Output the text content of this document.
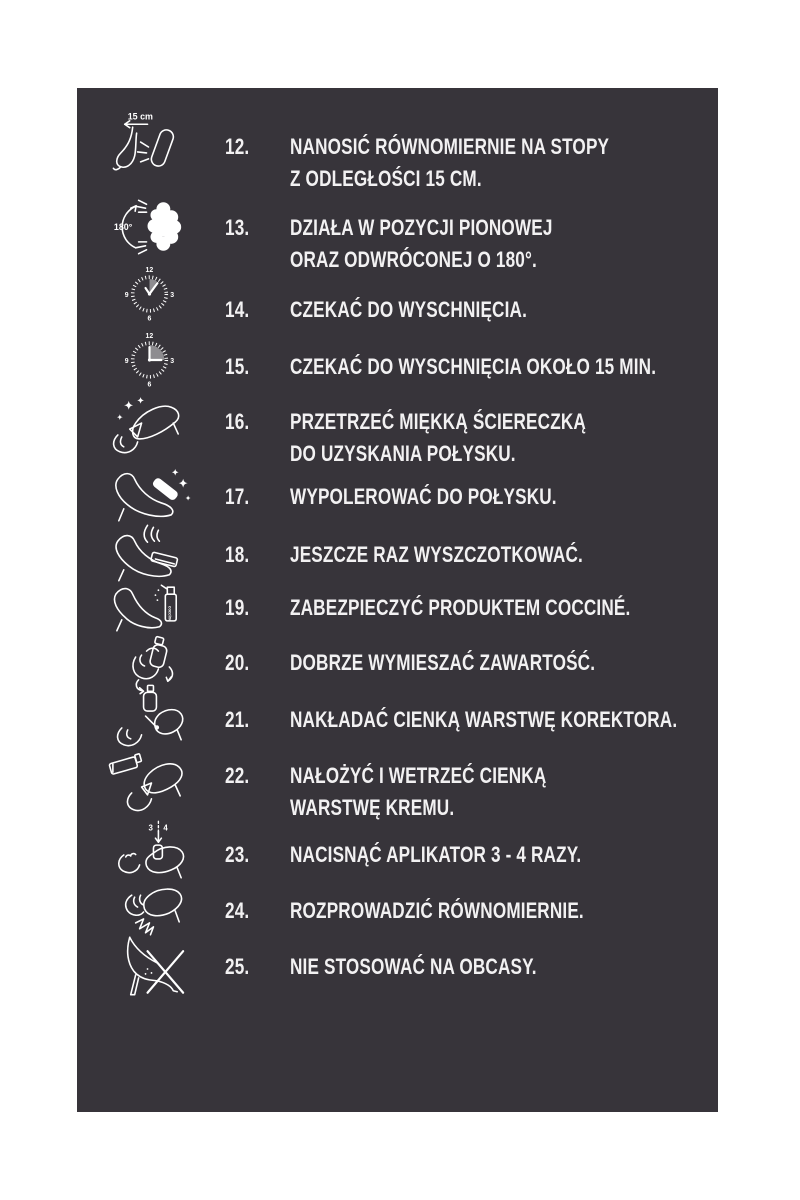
15 cm
12.	NANOSIĆ RÓWNOMIERNIE NA STOPY
Z ODLEGŁOŚCI 15 CM.
180°	13.	DZIAŁA W POZYCJI PIONOWEJ
ORAZ ODWRÓCONEJ O 180°.
12
3
6
9
14.	CZEKAĆ DO WYSCHNIĘCIA.
12
3
6
9	15.	CZEKAĆ DO WYSCHNIĘCIA OKOŁO 15 MIN.
16.	PRZETRZEĆ MIĘKKĄ ŚCIERECZKĄ
DO UZYSKANIA POŁYSKU.
17.	WYPOLEROWAĆ DO POŁYSKU.
18.	JESZCZE RAZ WYSZCZOTKOWAĆ.
coccine 19.	ZABEZPIECZYĆ PRODUKTEM COCCINÉ.
20.	DOBRZE WYMIESZAĆ ZAWARTOŚĆ.
21.	NAKŁADAĆ CIENKĄ WARSTWĘ KOREKTORA.
22.	NAŁOŻYĆ I WETRZEĆ CIENKĄ
WARSTWĘ KREMU.
3 4
23.	NACISNĄĆ APLIKATOR 3 - 4 RAZY.
24.	ROZPROWADZIĆ RÓWNOMIERNIE.
25.	NIE STOSOWAĆ NA OBCASY.
